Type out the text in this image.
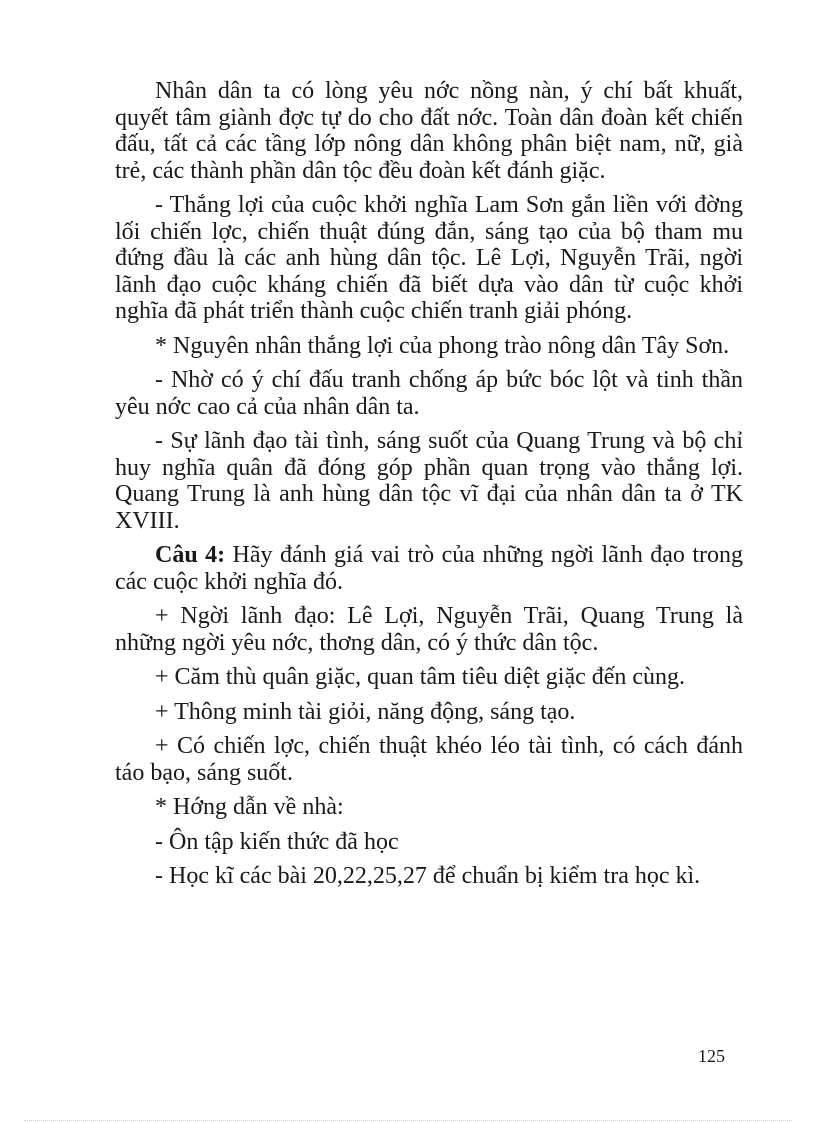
Nhân dân ta có lòng yêu nớc nồng nàn, ý chí bất khuất, quyết tâm giành đợc tự do cho đất nớc. Toàn dân đoàn kết chiến đấu, tất cả các tầng lớp nông dân không phân biệt nam, nữ, già trẻ, các thành phần dân tộc đều đoàn kết đánh giặc.

- Thắng lợi của cuộc khởi nghĩa Lam Sơn gắn liền với đờng lối chiến lợc, chiến thuật đúng đắn, sáng tạo của bộ tham mu đứng đầu là các anh hùng dân tộc. Lê Lợi, Nguyễn Trãi, ngời lãnh đạo cuộc kháng chiến đã biết dựa vào dân từ cuộc khởi nghĩa đã phát triển thành cuộc chiến tranh giải phóng.

* Nguyên nhân thắng lợi của phong trào nông dân Tây Sơn.

- Nhờ có ý chí đấu tranh chống áp bức bóc lột và tinh thần yêu nớc cao cả của nhân dân ta.

- Sự lãnh đạo tài tình, sáng suốt của Quang Trung và bộ chỉ huy nghĩa quân đã đóng góp phần quan trọng vào thắng lợi. Quang Trung là anh hùng dân tộc vĩ đại của nhân dân ta ở TK XVIII.

Câu 4: Hãy đánh giá vai trò của những ngời lãnh đạo trong các cuộc khởi nghĩa đó.

+ Ngời lãnh đạo: Lê Lợi, Nguyễn Trãi, Quang Trung là những ngời yêu nớc, thơng dân, có ý thức dân tộc.

+ Căm thù quân giặc, quan tâm tiêu diệt giặc đến cùng.

+ Thông minh tài giỏi, năng động, sáng tạo.

+ Có chiến lợc, chiến thuật khéo léo tài tình, có cách đánh táo bạo, sáng suốt.

* Hớng dẫn về nhà:

- Ôn tập kiến thức đã học

- Học kĩ các bài 20,22,25,27 để chuẩn bị kiểm tra học kì.

125
